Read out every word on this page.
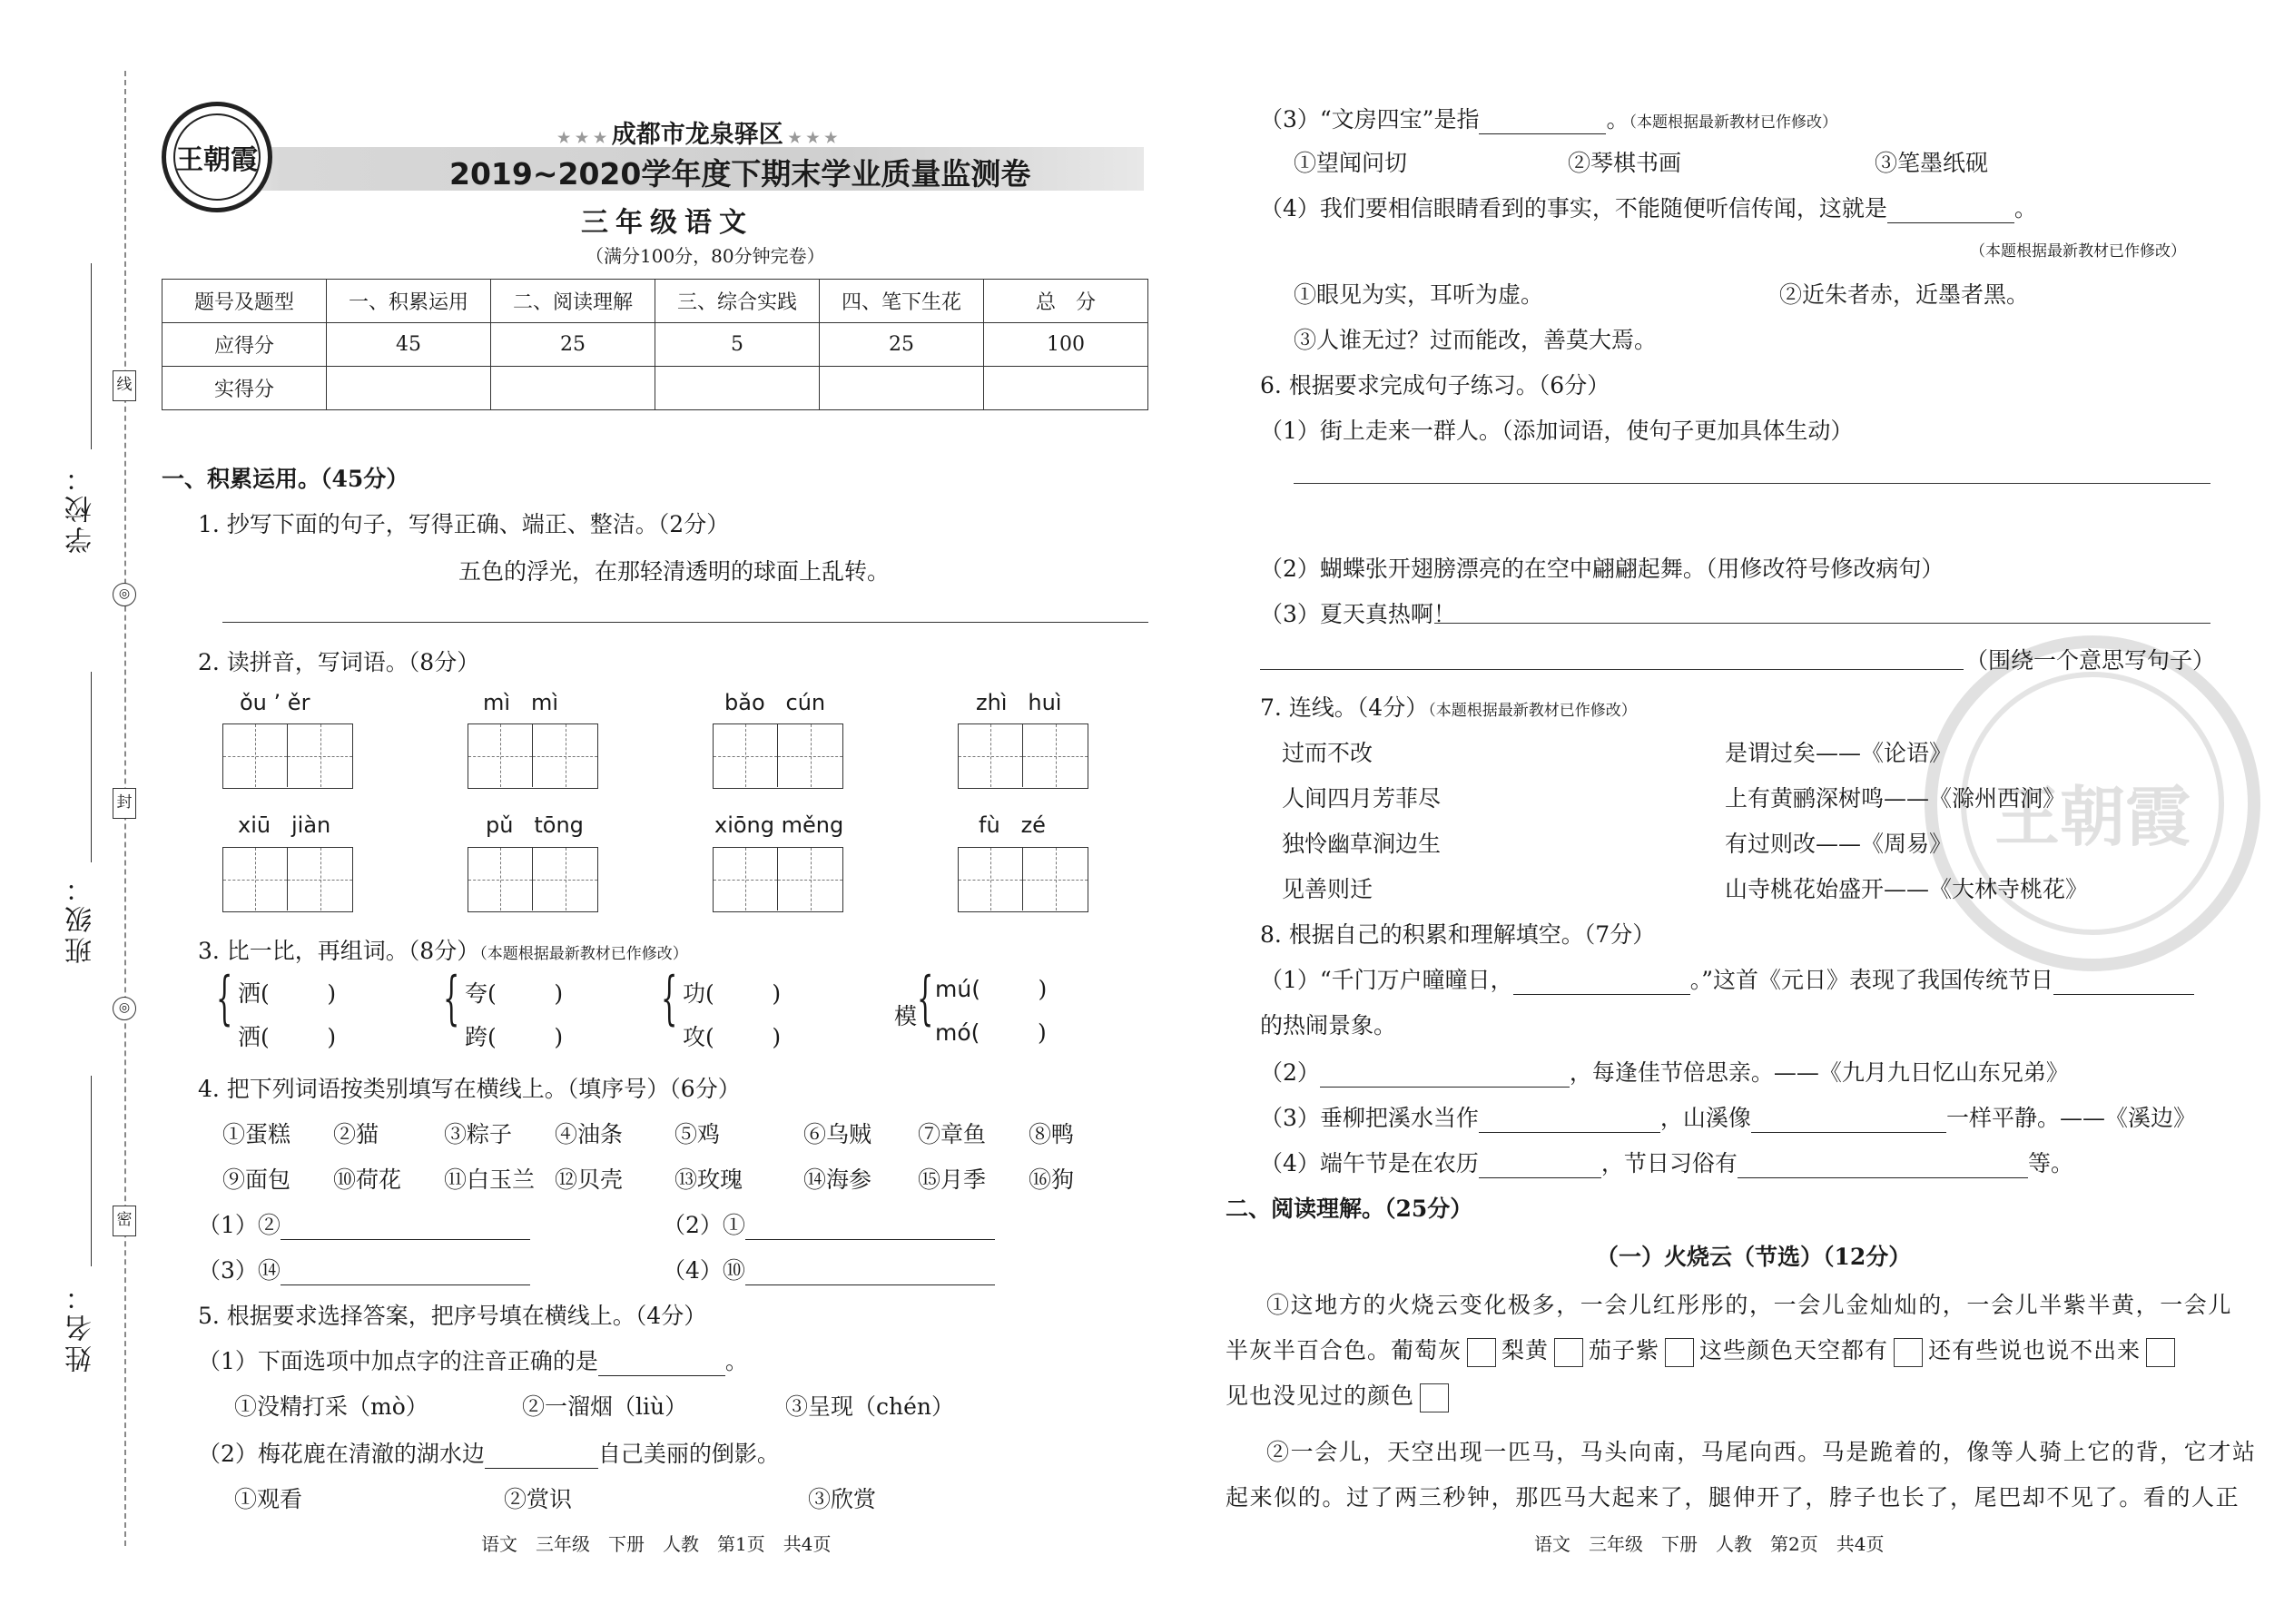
学校：
班级：
姓名：
线
◎
封
◎
密
王朝霞
★ ★ ★ 成都市龙泉驿区 ★ ★ ★
2019~2020学年度下期末学业质量监测卷
三年级语文
（满分100分，80分钟完卷）
题号及题型	一、积累运用	二、阅读理解	三、综合实践	四、笔下生花	总　分
应得分	45	25	5	25	100
实得分					
一、积累运用。（45分）
1. 抄写下面的句子，写得正确、端正、整洁。（2分）
五色的浮光，在那轻清透明的球面上乱转。
2. 读拼音，写词语。（8分）
ǒu ’ ěr	mì mì	bǎo cún	zhì huì
xiū jiàn	pǔ tōng	xiōng měng	fù zé
3. 比一比，再组词。（8分）（本题根据最新教材已作修改）
{ 洒(	)
洒(	)
{ 夸(	)
跨(	)
{ 功(	)
攻(	)
模 { mú(	)
mó(	)
4. 把下列词语按类别填写在横线上。（填序号）（6分）
①蛋糕 ②猫	③粽子 ④油条 ⑤鸡	⑥乌贼 ⑦章鱼 ⑧鸭
⑨面包 ⑩荷花 ⑪白玉兰 ⑫贝壳 ⑬玫瑰	⑭海参 ⑮月季 ⑯狗
（1）②	（2）①
（3）⑭	（4）⑩
5. 根据要求选择答案，把序号填在横线上。（4分）
（1）下面选项中加点字的注音正确的是	。
①没精打采（mò）	②一溜烟（liù）	③呈现（chén）
（2）梅花鹿在清澈的湖水边	自己美丽的倒影。
①观看	②赏识	③欣赏
语文　三年级　下册　人教　第1页　共4页
王朝霞
（3）“文房四宝”是指	。（本题根据最新教材已作修改）
①望闻问切	②琴棋书画	③笔墨纸砚
（4）我们要相信眼睛看到的事实，不能随便听信传闻，这就是	。
（本题根据最新教材已作修改）
①眼见为实，耳听为虚。	②近朱者赤，近墨者黑。
③人谁无过？过而能改，善莫大焉。
6. 根据要求完成句子练习。（6分）
（1）街上走来一群人。（添加词语，使句子更加具体生动）
（2）蝴蝶张开翅膀漂亮的在空中翩翩起舞。（用修改符号修改病句）
（3）夏天真热啊！
（围绕一个意思写句子）
7. 连线。（4分）（本题根据最新教材已作修改）
过而不改
人间四月芳菲尽
独怜幽草涧边生
见善则迁
是谓过矣——《论语》
上有黄鹂深树鸣——《滁州西涧》
有过则改——《周易》
山寺桃花始盛开——《大林寺桃花》
8. 根据自己的积累和理解填空。（7分）
（1）“千门万户曈曈日，	。”这首《元日》表现了我国传统节日
的热闹景象。
（2）	，每逢佳节倍思亲。——《九月九日忆山东兄弟》
（3）垂柳把溪水当作	，山溪像	一样平静。——《溪边》
（4）端午节是在农历	，节日习俗有	等。
二、阅读理解。（25分）
（一）火烧云（节选）（12分）
①这地方的火烧云变化极多，一会儿红彤彤的，一会儿金灿灿的，一会儿半紫半黄，一会儿
半灰半百合色。葡萄灰 梨黄 茄子紫 这些颜色天空都有 还有些说也说不出来
见也没见过的颜色
②一会儿，天空出现一匹马，马头向南，马尾向西。马是跪着的，像等人骑上它的背，它才站
起来似的。过了两三秒钟，那匹马大起来了，腿伸开了，脖子也长了，尾巴却不见了。看的人正
语文　三年级　下册　人教　第2页　共4页
